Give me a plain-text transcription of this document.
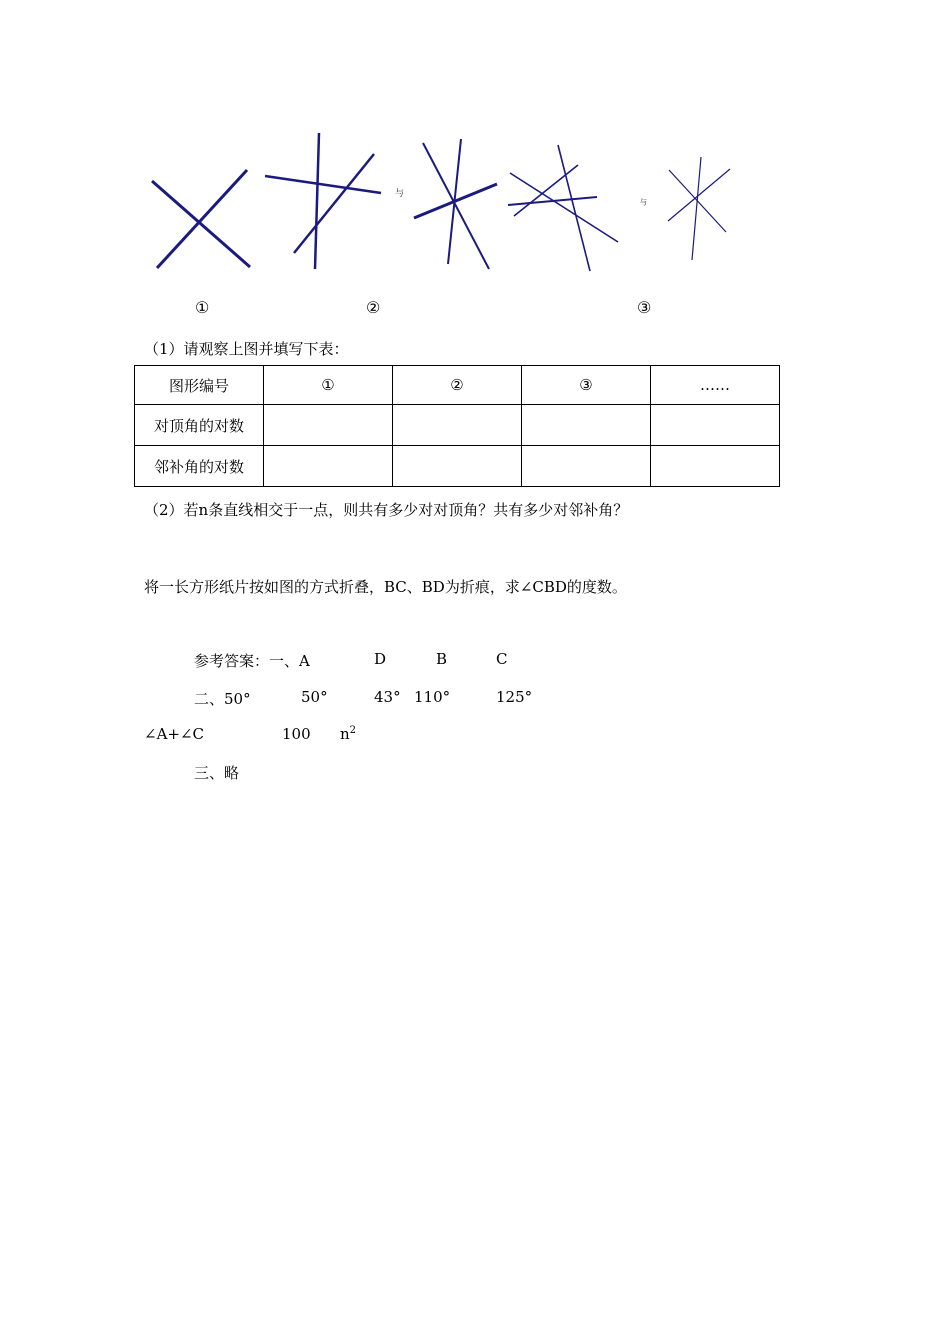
与
与
①	②	③
（1）请观察上图并填写下表：
图形编号	①	②	③	……
对顶角的对数				
邻补角的对数				
（2）若n条直线相交于一点，则共有多少对对顶角？共有多少对邻补角？
将一长方形纸片按如图的方式折叠，BC、BD为折痕，求∠CBD的度数。
参考答案：一、A	D	B	C
二、50°	50°	43° 110°	125°
∠A+∠C	100 $n^2$
三、略
